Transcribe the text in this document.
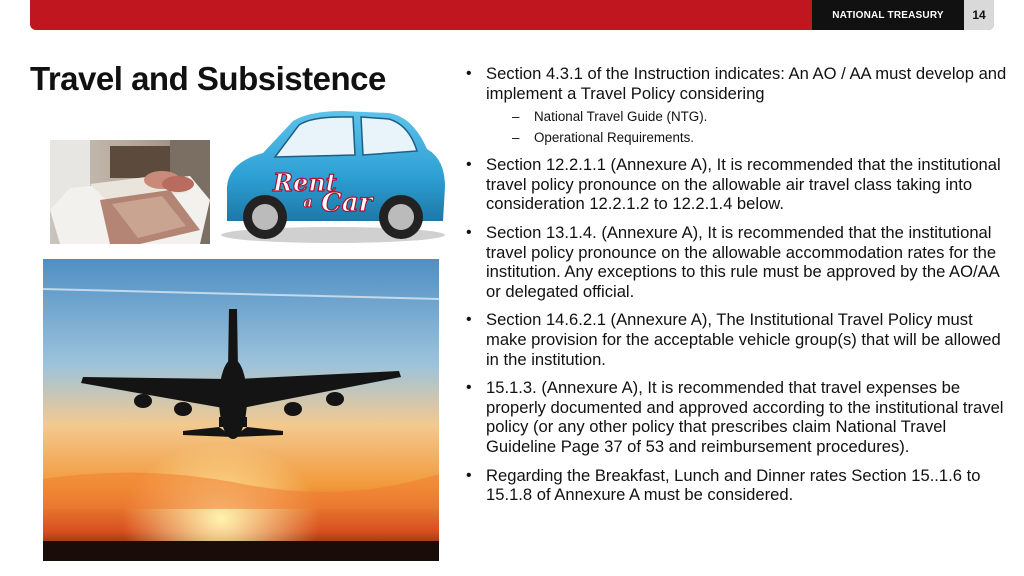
NATIONAL TREASURY	14
Travel and Subsistence
Rent
a Car
• Section 4.3.1 of the Instruction indicates: An AO / AA must develop and implement a Travel Policy considering
– National Travel Guide (NTG).
– Operational Requirements.
• Section 12.2.1.1 (Annexure A), It is recommended that the institutional travel policy pronounce on the allowable air travel class taking into consideration 12.2.1.2 to 12.2.1.4 below.
• Section 13.1.4. (Annexure A), It is recommended that the institutional travel policy pronounce on the allowable accommodation rates for the institution. Any exceptions to this rule must be approved by the AO/AA or delegated official.
• Section 14.6.2.1 (Annexure A), The Institutional Travel Policy must make provision for the acceptable vehicle group(s) that will be allowed in the institution.
• 15.1.3. (Annexure A), It is recommended that travel expenses be properly documented and approved according to the institutional travel policy (or any other policy that prescribes claim National Travel Guideline Page 37 of 53 and reimbursement procedures).
• Regarding the Breakfast, Lunch and Dinner rates Section 15..1.6 to 15.1.8 of Annexure A must be considered.
